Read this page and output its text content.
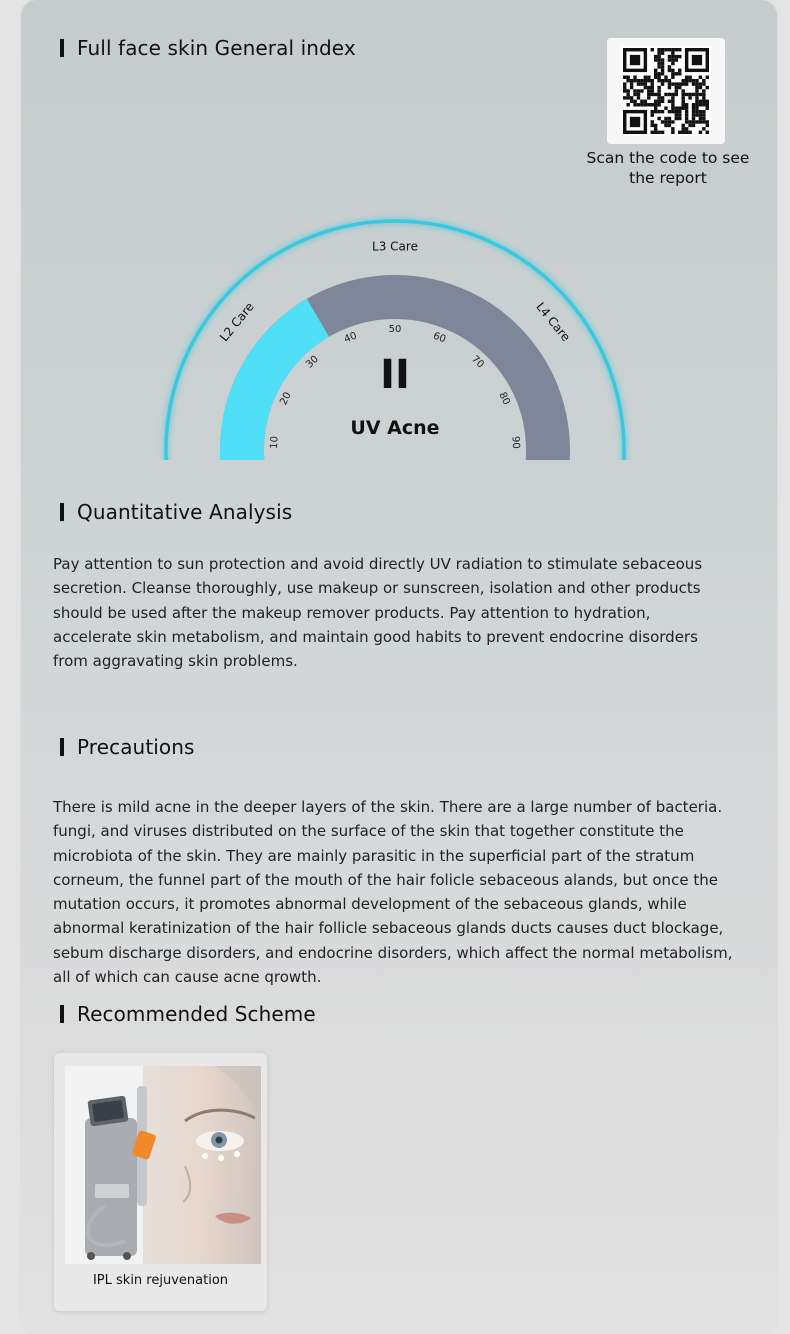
Full face skin General index
Scan the code to see the report
10
20
30
40
50
60
70
80
90
L2 Care
L3 Care
L4 Care
II
UV Acne
Quantitative Analysis

Pay attention to sun protection and avoid directly UV radiation to stimulate sebaceous secretion. Cleanse thoroughly, use makeup or sunscreen, isolation and other products should be used after the makeup remover products. Pay attention to hydration, accelerate skin metabolism, and maintain good habits to prevent endocrine disorders from aggravating skin problems.

Precautions

There is mild acne in the deeper layers of the skin. There are a large number of bacteria. fungi, and viruses distributed on the surface of the skin that together constitute the microbiota of the skin. They are mainly parasitic in the superficial part of the stratum corneum, the funnel part of the mouth of the hair folicle sebaceous alands, but once the mutation occurs, it promotes abnormal development of the sebaceous glands, while abnormal keratinization of the hair follicle sebaceous glands ducts causes duct blockage, sebum discharge disorders, and endocrine disorders, which affect the normal metabolism, all of which can cause acne qrowth.

Recommended Scheme
IPL skin rejuvenation
